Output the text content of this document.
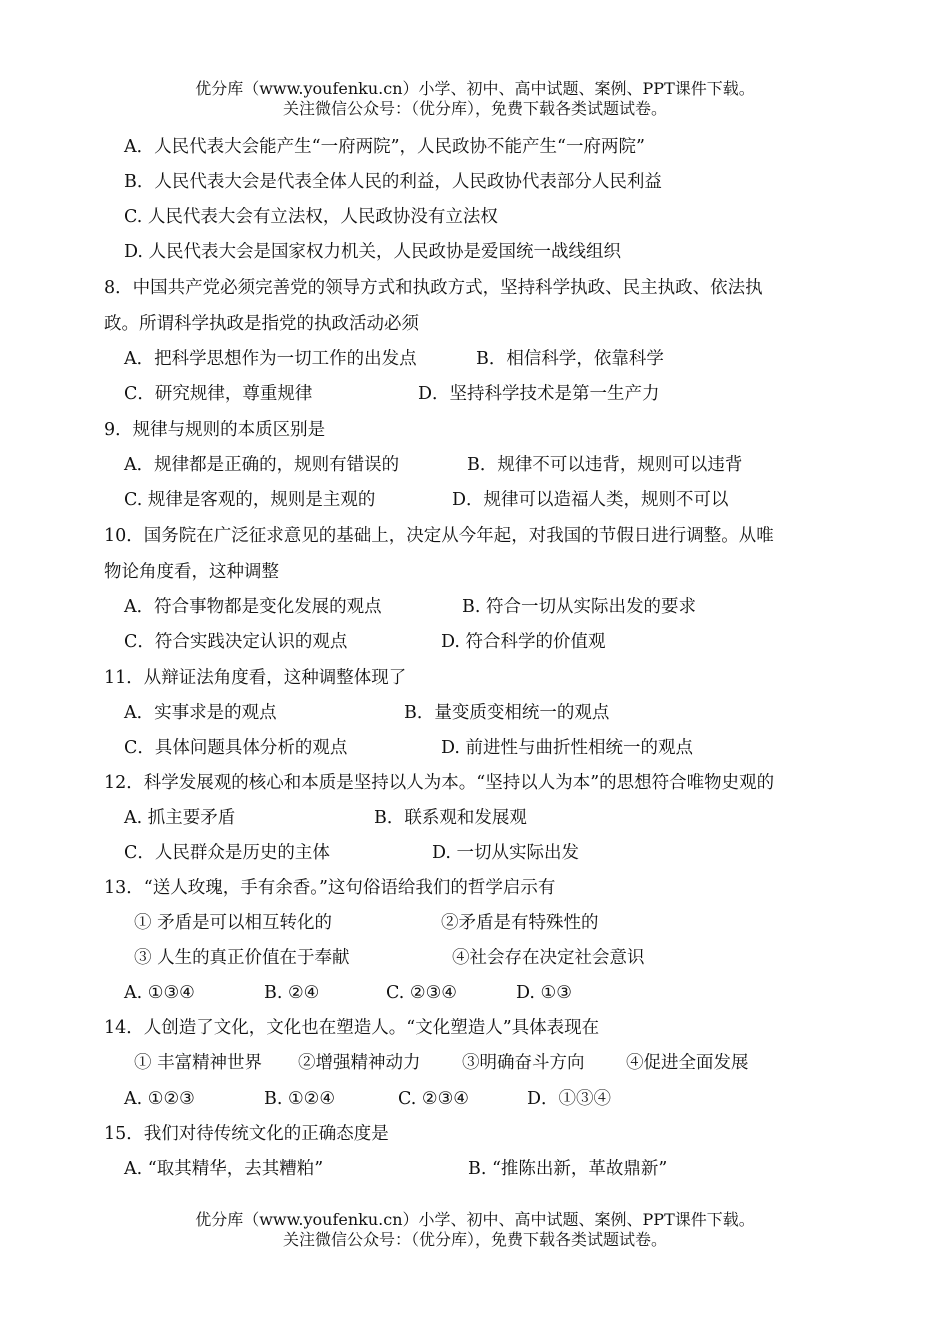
优分库（www.youfenku.cn）小学、初中、高中试题、案例、PPT课件下载。
关注微信公众号：（优分库），免费下载各类试题试卷。
A．人民代表大会能产生“一府两院”，人民政协不能产生“一府两院”
B．人民代表大会是代表全体人民的利益，人民政协代表部分人民利益
C. 人民代表大会有立法权，人民政协没有立法权
D. 人民代表大会是国家权力机关，人民政协是爱国统一战线组织
8．中国共产党必须完善党的领导方式和执政方式，坚持科学执政、民主执政、依法执
政。所谓科学执政是指党的执政活动必须
A．把科学思想作为一切工作的出发点	B．相信科学，依靠科学
C．研究规律，尊重规律	D．坚持科学技术是第一生产力
9．规律与规则的本质区别是
A．规律都是正确的，规则有错误的	B．规律不可以违背，规则可以违背
C. 规律是客观的，规则是主观的	D．规律可以造福人类，规则不可以
10．国务院在广泛征求意见的基础上，决定从今年起，对我国的节假日进行调整。从唯
物论角度看，这种调整
A．符合事物都是变化发展的观点	B. 符合一切从实际出发的要求
C．符合实践决定认识的观点	D. 符合科学的价值观
11．从辩证法角度看，这种调整体现了
A．实事求是的观点	B．量变质变相统一的观点
C．具体问题具体分析的观点	D. 前进性与曲折性相统一的观点
12．科学发展观的核心和本质是坚持以人为本。“坚持以人为本”的思想符合唯物史观的
A. 抓主要矛盾	B．联系观和发展观
C．人民群众是历史的主体	D. 一切从实际出发
13．“送人玫瑰，手有余香。”这句俗语给我们的哲学启示有
① 矛盾是可以相互转化的	②矛盾是有特殊性的
③ 人生的真正价值在于奉献	④社会存在决定社会意识
A. ①③④	B. ②④	C. ②③④	D. ①③
14．人创造了文化，文化也在塑造人。“文化塑造人”具体表现在
① 丰富精神世界 ②增强精神动力 ③明确奋斗方向 ④促进全面发展
A. ①②③	B. ①②④	C. ②③④	D．①③④
15．我们对待传统文化的正确态度是
A. “取其精华，去其糟粕”	B. “推陈出新，革故鼎新”
优分库（www.youfenku.cn）小学、初中、高中试题、案例、PPT课件下载。
关注微信公众号：（优分库），免费下载各类试题试卷。
